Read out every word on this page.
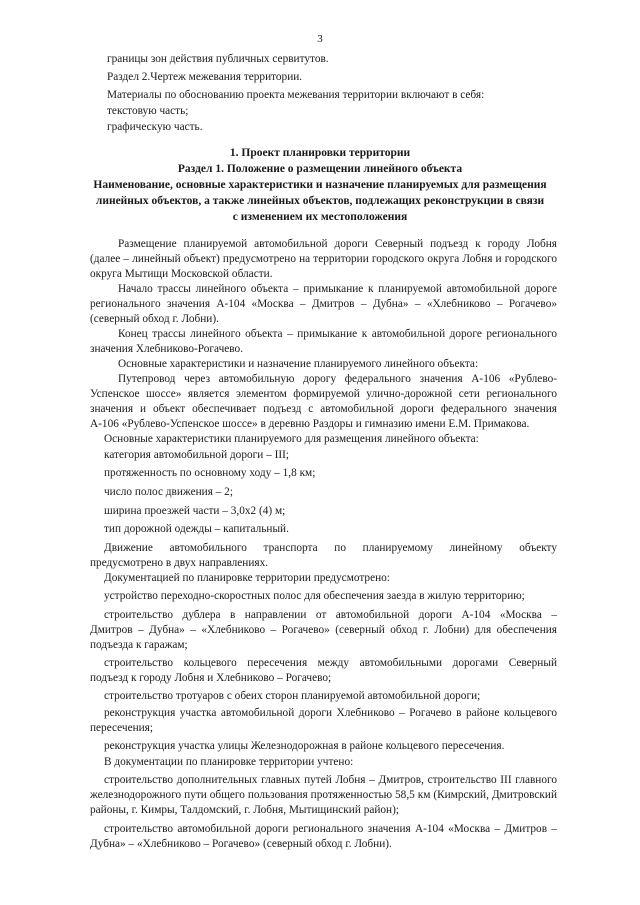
3
границы зон действия публичных сервитутов.
Раздел 2.Чертеж межевания территории.
Материалы по обоснованию проекта межевания территории включают в себя:
текстовую часть;
графическую часть.
1. Проект планировки территории
Раздел 1. Положение о размещении линейного объекта
Наименование, основные характеристики и назначение планируемых для размещения
линейных объектов, а также линейных объектов, подлежащих реконструкции в связи
с изменением их местоположения
Размещение планируемой автомобильной дороги Северный подъезд к городу Лобня
(далее – линейный объект) предусмотрено на территории городского округа Лобня и городского
округа Мытищи Московской области.
Начало трассы линейного объекта – примыкание к планируемой автомобильной дороге
регионального значения А-104 «Москва – Дмитров – Дубна» – «Хлебниково – Рогачево»
(северный обход г. Лобни).
Конец трассы линейного объекта – примыкание к автомобильной дороге регионального
значения Хлебниково-Рогачево.
Основные характеристики и назначение планируемого линейного объекта:
Путепровод через автомобильную дорогу федерального значения А-106 «Рублево-
Успенское шоссе» является элементом формируемой улично-дорожной сети регионального
значения и объект обеспечивает подъезд с автомобильной дороги федерального значения
А-106 «Рублево-Успенское шоссе» в деревню Раздоры и гимназию имени Е.М. Примакова.
Основные характеристики планируемого для размещения линейного объекта:
категория автомобильной дороги – III;
протяженность по основному ходу – 1,8 км;
число полос движения – 2;
ширина проезжей части – 3,0х2 (4) м;
тип дорожной одежды – капитальный.
Движение автомобильного транспорта по планируемому линейному объекту
предусмотрено в двух направлениях.
Документацией по планировке территории предусмотрено:
устройство переходно-скоростных полос для обеспечения заезда в жилую территорию;
строительство дублера в направлении от автомобильной дороги А-104 «Москва –
Дмитров – Дубна» – «Хлебниково – Рогачево» (северный обход г. Лобни) для обеспечения
подъезда к гаражам;
строительство кольцевого пересечения между автомобильными дорогами Северный
подъезд к городу Лобня и Хлебниково – Рогачево;
строительство тротуаров с обеих сторон планируемой автомобильной дороги;
реконструкция участка автомобильной дороги Хлебниково – Рогачево в районе кольцевого
пересечения;
реконструкция участка улицы Железнодорожная в районе кольцевого пересечения.
В документации по планировке территории учтено:
строительство дополнительных главных путей Лобня – Дмитров, строительство III главного
железнодорожного пути общего пользования протяженностью 58,5 км (Кимрский, Дмитровский
районы, г. Кимры, Талдомский, г. Лобня, Мытищинский район);
строительство автомобильной дороги регионального значения А-104 «Москва – Дмитров –
Дубна» – «Хлебниково – Рогачево» (северный обход г. Лобни).
